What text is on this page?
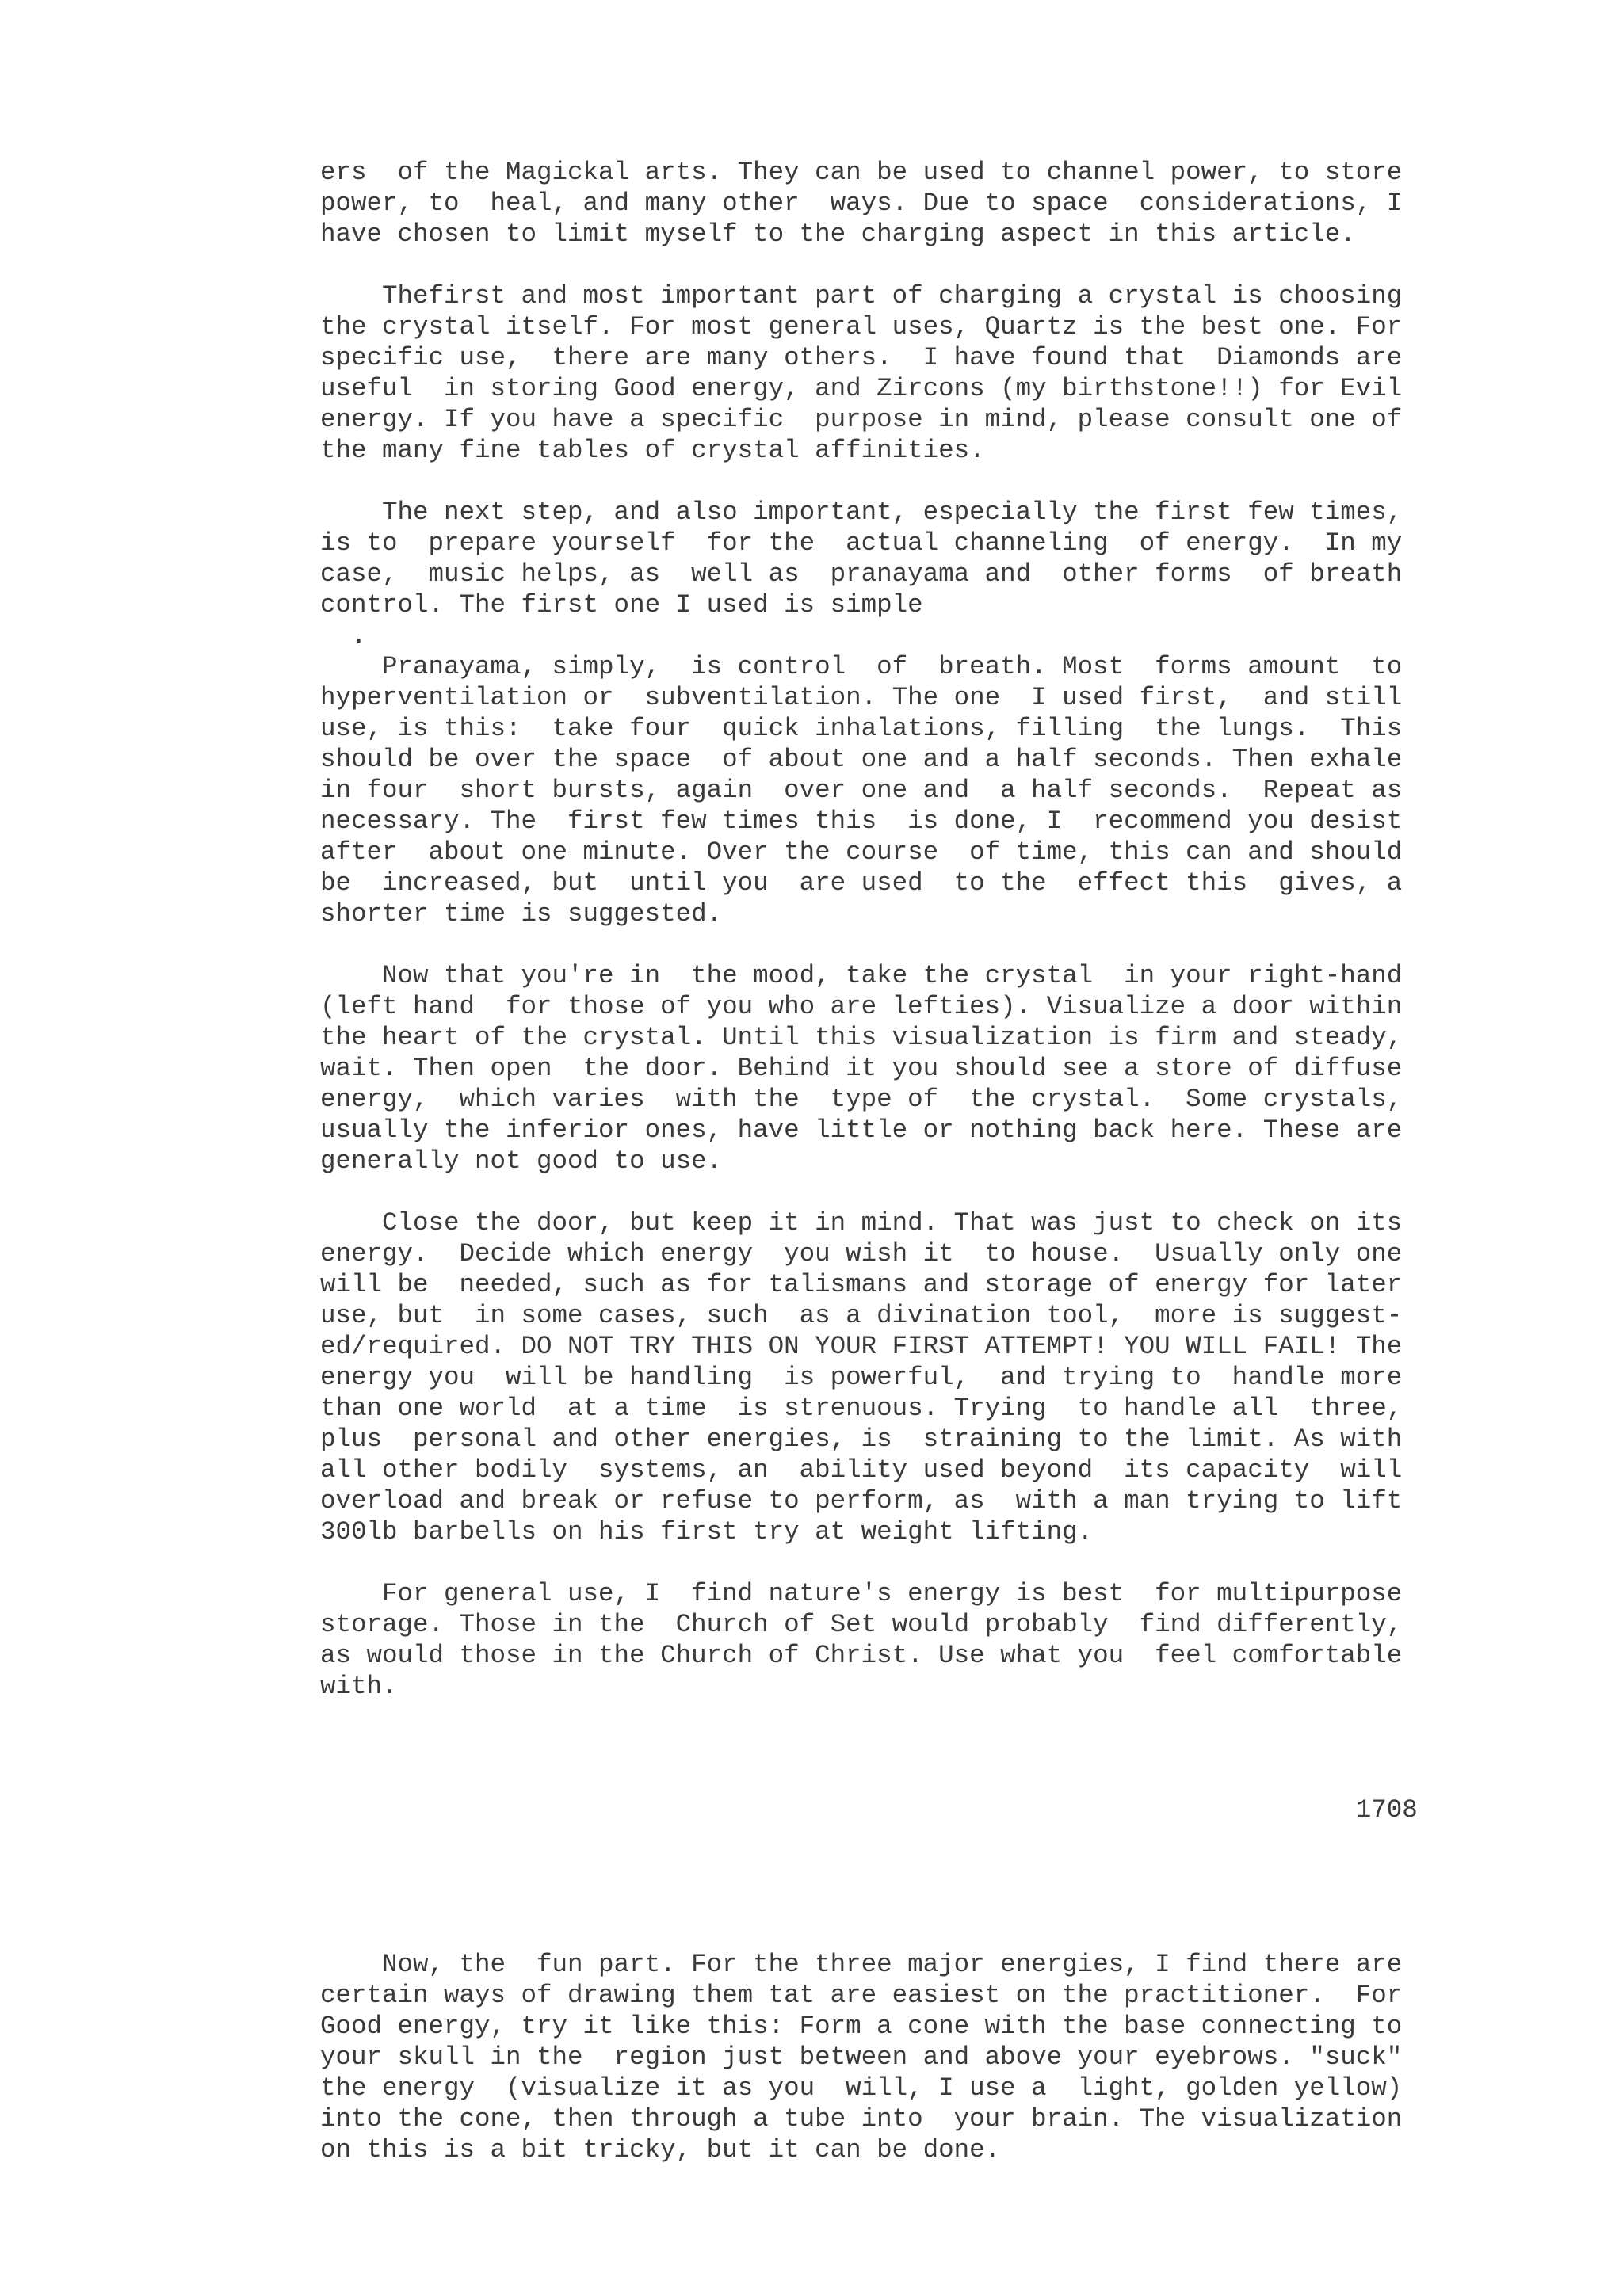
ers  of the Magickal arts. They can be used to channel power, to store
power, to  heal, and many other  ways. Due to space  considerations, I
have chosen to limit myself to the charging aspect in this article.
Thefirst and most important part of charging a crystal is choosing
the crystal itself. For most general uses, Quartz is the best one. For
specific use,  there are many others.  I have found that  Diamonds are
useful  in storing Good energy, and Zircons (my birthstone!!) for Evil
energy. If you have a specific  purpose in mind, please consult one of
the many fine tables of crystal affinities.
The next step, and also important, especially the first few times,
is to  prepare yourself  for the  actual channeling  of energy.  In my
case,  music helps, as  well as  pranayama and  other forms  of breath
control. The first one I used is simple
.
Pranayama, simply,  is control  of  breath. Most  forms amount  to
hyperventilation or  subventilation. The one  I used first,  and still
use, is this:  take four  quick inhalations, filling  the lungs.  This
should be over the space  of about one and a half seconds. Then exhale
in four  short bursts, again  over one and  a half seconds.  Repeat as
necessary. The  first few times this  is done, I  recommend you desist
after  about one minute. Over the course  of time, this can and should
be  increased, but  until you  are used  to the  effect this  gives, a
shorter time is suggested.
Now that you're in  the mood, take the crystal  in your right-hand
(left hand  for those of you who are lefties). Visualize a door within
the heart of the crystal. Until this visualization is firm and steady,
wait. Then open  the door. Behind it you should see a store of diffuse
energy,  which varies  with the  type of  the crystal.  Some crystals,
usually the inferior ones, have little or nothing back here. These are
generally not good to use.
Close the door, but keep it in mind. That was just to check on its
energy.  Decide which energy  you wish it  to house.  Usually only one
will be  needed, such as for talismans and storage of energy for later
use, but  in some cases, such  as a divination tool,  more is suggest-
ed/required. DO NOT TRY THIS ON YOUR FIRST ATTEMPT! YOU WILL FAIL! The
energy you  will be handling  is powerful,  and trying to  handle more
than one world  at a time  is strenuous. Trying  to handle all  three,
plus  personal and other energies, is  straining to the limit. As with
all other bodily  systems, an  ability used beyond  its capacity  will
overload and break or refuse to perform, as  with a man trying to lift
300lb barbells on his first try at weight lifting.
For general use, I  find nature's energy is best  for multipurpose
storage. Those in the  Church of Set would probably  find differently,
as would those in the Church of Christ. Use what you  feel comfortable
with.
1708
Now, the  fun part. For the three major energies, I find there are
certain ways of drawing them tat are easiest on the practitioner.  For
Good energy, try it like this: Form a cone with the base connecting to
your skull in the  region just between and above your eyebrows. "suck"
the energy  (visualize it as you  will, I use a  light, golden yellow)
into the cone, then through a tube into  your brain. The visualization
on this is a bit tricky, but it can be done.
